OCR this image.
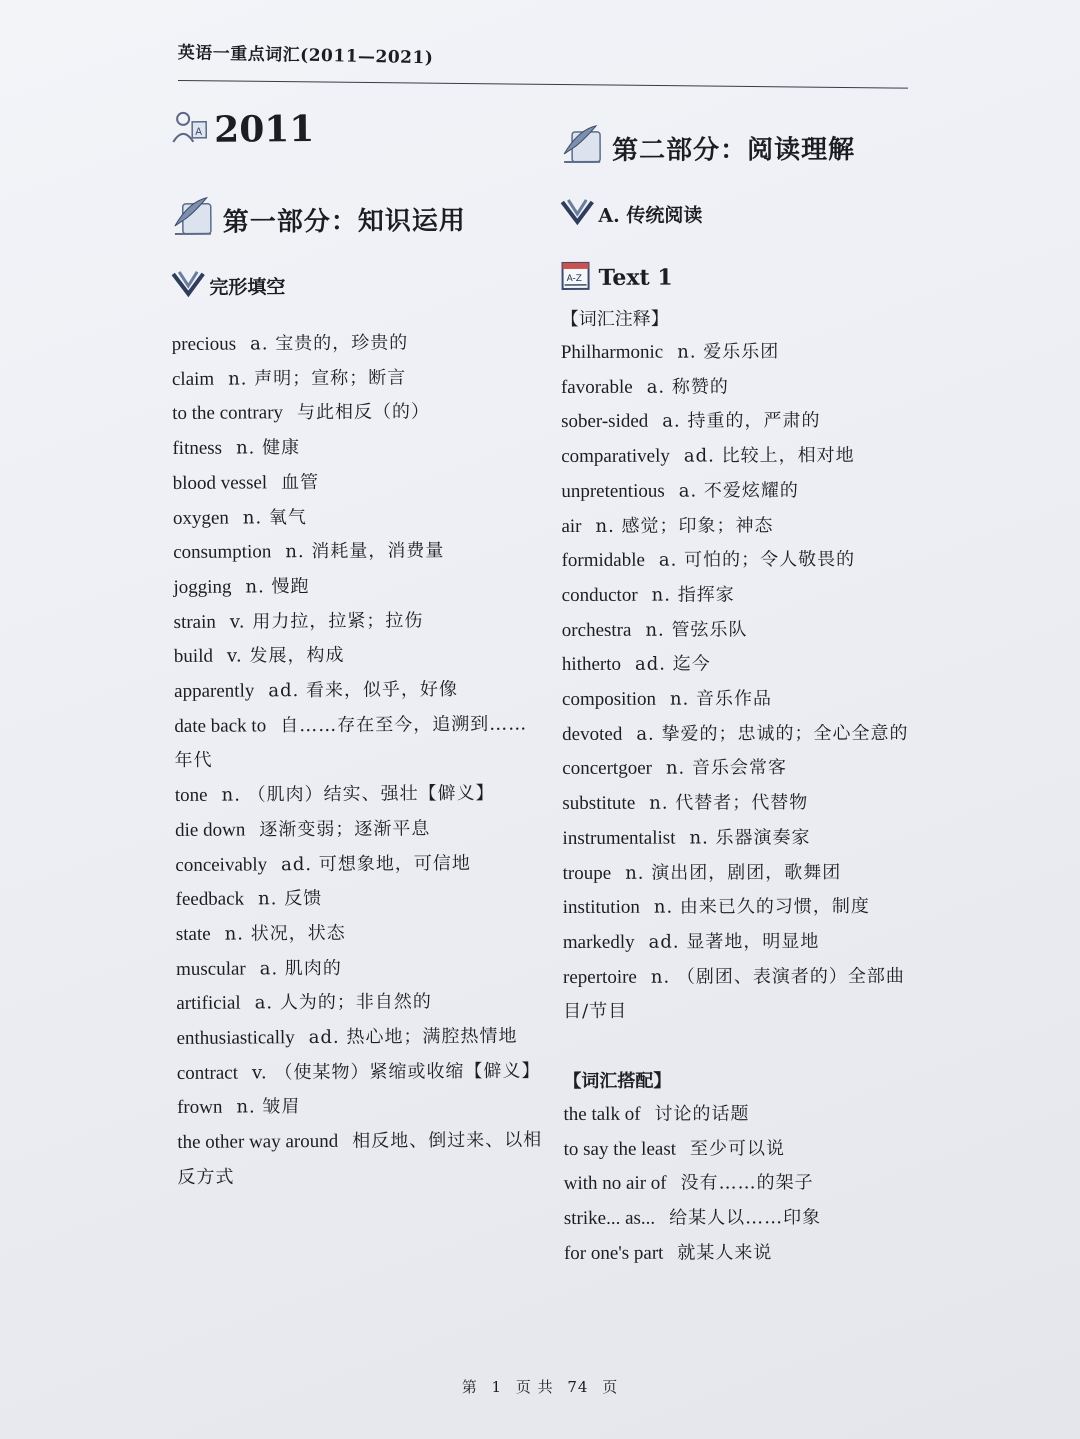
英语一重点词汇(2011—2021)
A 2011
第一部分：知识运用
完形填空
precious a. 宝贵的，珍贵的
claim n. 声明；宣称；断言
to the contrary 与此相反（的）
fitness n. 健康
blood vessel 血管
oxygen n. 氧气
consumption n. 消耗量，消费量
jogging n. 慢跑
strain v. 用力拉，拉紧；拉伤
build v. 发展，构成
apparently ad. 看来，似乎，好像
date back to 自……存在至今，追溯到……年代
tone n. （肌肉）结实、强壮【僻义】
die down 逐渐变弱；逐渐平息
conceivably ad. 可想象地，可信地
feedback n. 反馈
state n. 状况，状态
muscular a. 肌肉的
artificial a. 人为的；非自然的
enthusiastically ad. 热心地；满腔热情地
contract v. （使某物）紧缩或收缩【僻义】
frown n. 皱眉
the other way around 相反地、倒过来、以相反方式
第二部分：阅读理解
A. 传统阅读
A-Z Text 1
【词汇注释】
Philharmonic n. 爱乐乐团
favorable a. 称赞的
sober-sided a. 持重的，严肃的
comparatively ad. 比较上，相对地
unpretentious a. 不爱炫耀的
air n. 感觉；印象；神态
formidable a. 可怕的；令人敬畏的
conductor n. 指挥家
orchestra n. 管弦乐队
hitherto ad. 迄今
composition n. 音乐作品
devoted a. 挚爱的；忠诚的；全心全意的
concertgoer n. 音乐会常客
substitute n. 代替者；代替物
instrumentalist n. 乐器演奏家
troupe n. 演出团，剧团，歌舞团
institution n. 由来已久的习惯，制度
markedly ad. 显著地，明显地
repertoire n. （剧团、表演者的）全部曲目/节目
【词汇搭配】
the talk of 讨论的话题
to say the least 至少可以说
with no air of 没有……的架子
strike... as... 给某人以……印象
for one's part 就某人来说
第 1 页 共 74 页
